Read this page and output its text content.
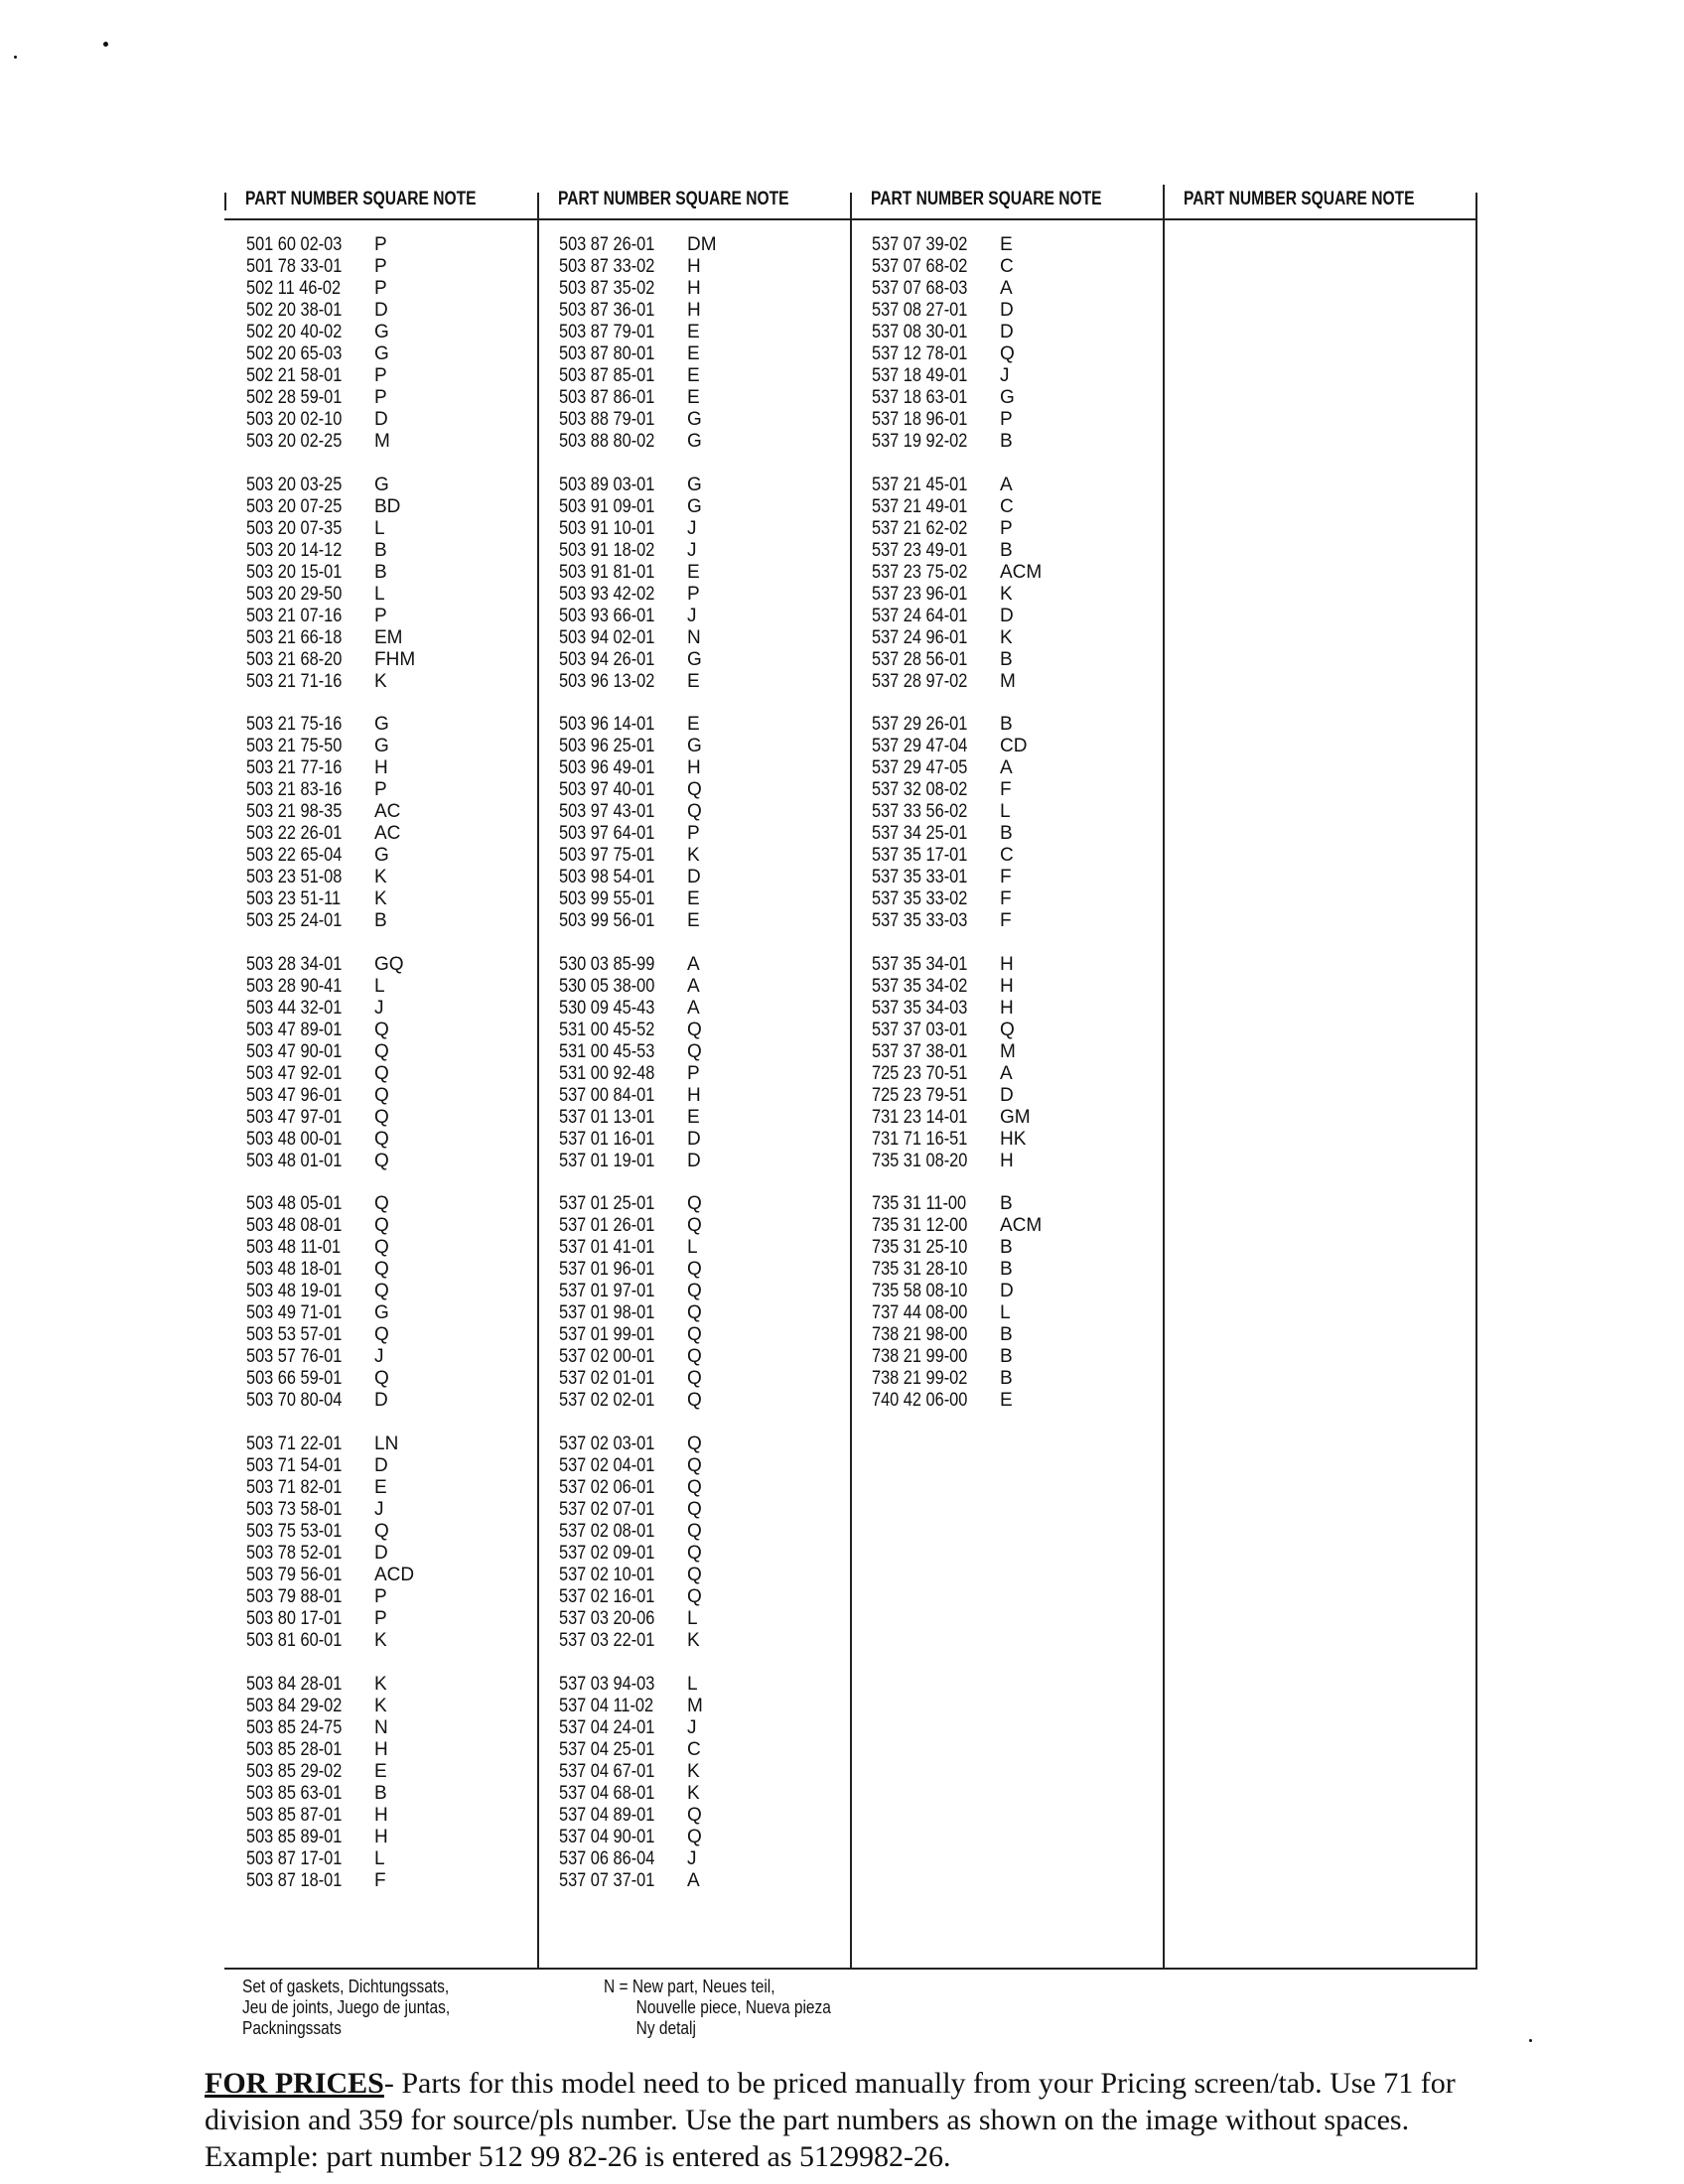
PART NUMBER SQUARE NOTE	PART NUMBER SQUARE NOTE	PART NUMBER SQUARE NOTE	PART NUMBER SQUARE NOTE
501 60 02-03 P
501 78 33-01 P
502 11 46-02 P
502 20 38-01 D
502 20 40-02 G
502 20 65-03 G
502 21 58-01 P
502 28 59-01 P
503 20 02-10 D
503 20 02-25 M
503 20 03-25 G
503 20 07-25 BD
503 20 07-35 L
503 20 14-12 B
503 20 15-01 B
503 20 29-50 L
503 21 07-16 P
503 21 66-18 EM
503 21 68-20 FHM
503 21 71-16 K
503 21 75-16 G
503 21 75-50 G
503 21 77-16 H
503 21 83-16 P
503 21 98-35 AC
503 22 26-01 AC
503 22 65-04 G
503 23 51-08 K
503 23 51-11 K
503 25 24-01 B
503 28 34-01 GQ
503 28 90-41 L
503 44 32-01 J
503 47 89-01 Q
503 47 90-01 Q
503 47 92-01 Q
503 47 96-01 Q
503 47 97-01 Q
503 48 00-01 Q
503 48 01-01 Q
503 48 05-01 Q
503 48 08-01 Q
503 48 11-01 Q
503 48 18-01 Q
503 48 19-01 Q
503 49 71-01 G
503 53 57-01 Q
503 57 76-01 J
503 66 59-01 Q
503 70 80-04 D
503 71 22-01 LN
503 71 54-01 D
503 71 82-01 E
503 73 58-01 J
503 75 53-01 Q
503 78 52-01 D
503 79 56-01 ACD
503 79 88-01 P
503 80 17-01 P
503 81 60-01 K
503 84 28-01 K
503 84 29-02 K
503 85 24-75 N
503 85 28-01 H
503 85 29-02 E
503 85 63-01 B
503 85 87-01 H
503 85 89-01 H
503 87 17-01 L
503 87 18-01 F
503 87 26-01 DM
503 87 33-02 H
503 87 35-02 H
503 87 36-01 H
503 87 79-01 E
503 87 80-01 E
503 87 85-01 E
503 87 86-01 E
503 88 79-01 G
503 88 80-02 G
503 89 03-01 G
503 91 09-01 G
503 91 10-01 J
503 91 18-02 J
503 91 81-01 E
503 93 42-02 P
503 93 66-01 J
503 94 02-01 N
503 94 26-01 G
503 96 13-02 E
503 96 14-01 E
503 96 25-01 G
503 96 49-01 H
503 97 40-01 Q
503 97 43-01 Q
503 97 64-01 P
503 97 75-01 K
503 98 54-01 D
503 99 55-01 E
503 99 56-01 E
530 03 85-99 A
530 05 38-00 A
530 09 45-43 A
531 00 45-52 Q
531 00 45-53 Q
531 00 92-48 P
537 00 84-01 H
537 01 13-01 E
537 01 16-01 D
537 01 19-01 D
537 01 25-01 Q
537 01 26-01 Q
537 01 41-01 L
537 01 96-01 Q
537 01 97-01 Q
537 01 98-01 Q
537 01 99-01 Q
537 02 00-01 Q
537 02 01-01 Q
537 02 02-01 Q
537 02 03-01 Q
537 02 04-01 Q
537 02 06-01 Q
537 02 07-01 Q
537 02 08-01 Q
537 02 09-01 Q
537 02 10-01 Q
537 02 16-01 Q
537 03 20-06 L
537 03 22-01 K
537 03 94-03 L
537 04 11-02 M
537 04 24-01 J
537 04 25-01 C
537 04 67-01 K
537 04 68-01 K
537 04 89-01 Q
537 04 90-01 Q
537 06 86-04 J
537 07 37-01 A
537 07 39-02 E
537 07 68-02 C
537 07 68-03 A
537 08 27-01 D
537 08 30-01 D
537 12 78-01 Q
537 18 49-01 J
537 18 63-01 G
537 18 96-01 P
537 19 92-02 B
537 21 45-01 A
537 21 49-01 C
537 21 62-02 P
537 23 49-01 B
537 23 75-02 ACM
537 23 96-01 K
537 24 64-01 D
537 24 96-01 K
537 28 56-01 B
537 28 97-02 M
537 29 26-01 B
537 29 47-04 CD
537 29 47-05 A
537 32 08-02 F
537 33 56-02 L
537 34 25-01 B
537 35 17-01 C
537 35 33-01 F
537 35 33-02 F
537 35 33-03 F
537 35 34-01 H
537 35 34-02 H
537 35 34-03 H
537 37 03-01 Q
537 37 38-01 M
725 23 70-51 A
725 23 79-51 D
731 23 14-01 GM
731 71 16-51 HK
735 31 08-20 H
735 31 11-00 B
735 31 12-00 ACM
735 31 25-10 B
735 31 28-10 B
735 58 08-10 D
737 44 08-00 L
738 21 98-00 B
738 21 99-00 B
738 21 99-02 B
740 42 06-00 E
Set of gaskets, Dichtungssats,
Jeu de joints, Juego de juntas,
Packningssats
N = New part, Neues teil,
Nouvelle piece, Nueva pieza
Ny detalj
FOR PRICES- Parts for this model need to be priced manually from your Pricing screen/tab. Use 71 for division and 359 for source/pls number. Use the part numbers as shown on the image without spaces. Example: part number 512 99 82-26 is entered as 5129982-26.
